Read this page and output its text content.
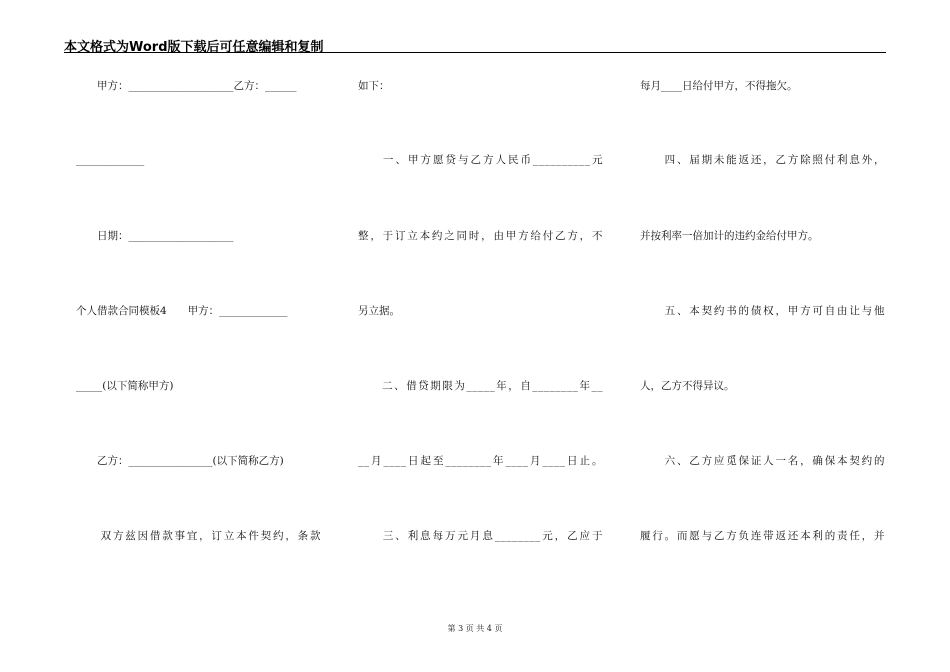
本文格式为Word版下载后可任意编辑和复制
　　甲方：____________________乙方：______
_____________
　　日期：____________________
个人借款合同模板4　　甲方：_____________
_____(以下简称甲方)
　　乙方：________________(以下简称乙方)
　　双方兹因借款事宜，订立本件契约，条款
如下：
　　一、甲方愿贷与乙方人民币__________元
整，于订立本约之同时，由甲方给付乙方，不
另立据。
　　二、借贷期限为_____年，自________年__
__月____日起至________年____月____日止。
　　三、利息每万元月息________元，乙应于
每月____日给付甲方，不得拖欠。
　　四、届期未能返还，乙方除照付利息外，
并按利率一倍加计的违约金给付甲方。
　　五、本契约书的债权，甲方可自由让与他
人，乙方不得异议。
　　六、乙方应觅保证人一名，确保本契约的
履行。而愿与乙方负连带返还本利的责任，并
第 3 页 共 4 页
